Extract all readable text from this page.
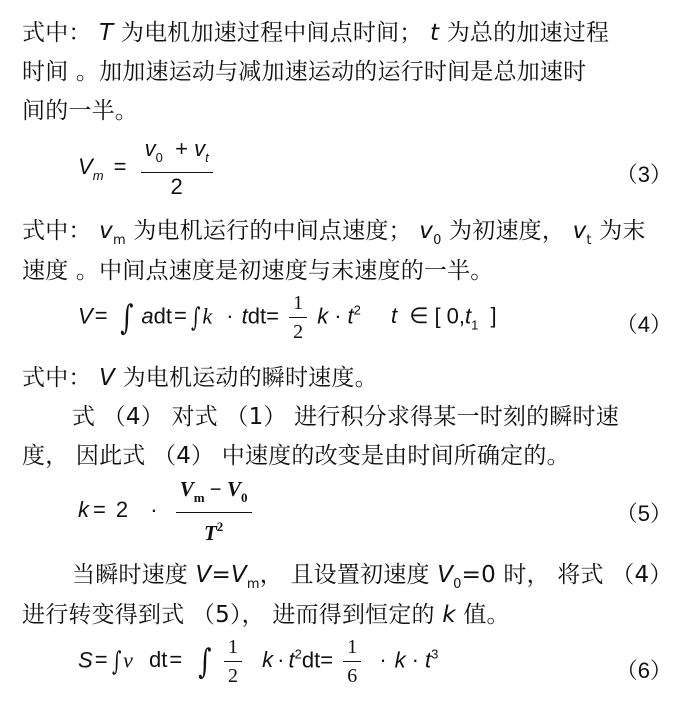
式中： T 为电机加速过程中间点时间； t 为总的加速过程
时间 。加加速运动与减加速运动的运行时间是总加速时
间的一半。
$V_m = \frac{v_0 + v_t}{2}$	（3）
式中： $v_m$ 为电机运行的中间点速度； $v_0$ 为初速度， $v_t$ 为末
速度 。中间点速度是初速度与末速度的一半。
V= ∫ $adt= \int k \cdot tdt= \frac{1}{2}$ $k \cdot t^2$ t ∈ [ $0,t_1$ ]	（4）
式中： V 为电机运动的瞬时速度。
式 （4） 对式 （1） 进行积分求得某一时刻的瞬时速
度， 因此式 （4） 中速度的改变是由时间所确定的。
$k = 2 \cdot \frac{V_m - V_0}{T^2}$	（5）
当瞬时速度 $V=V_m$， 且设置初速度 $V_0=0$ 时， 将式 （4）
进行转变得到式 （5）， 进而得到恒定的 k 值。
S= ∫v dt= ∫ $\frac{1}{2}$ $k \cdot t^2dt= \frac{1}{6} \cdot k \cdot t^3$
（6）
